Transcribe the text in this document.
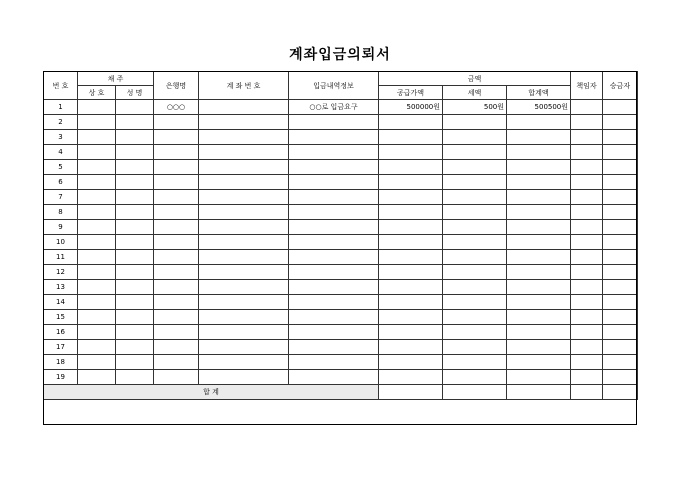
계좌입금의뢰서
번 호	채 주		은행명	계 좌 번 호	입금내역정보	금액			책임자	승금자
	상 호	성 명				공급가액	세액	합계액		
1			○○○		○○로 입금요구	500000원	500원	500500원		
2										
3										
4										
5										
6										
7										
8										
9										
10										
11										
12										
13										
14										
15										
16										
17										
18										
19										
합 계										
